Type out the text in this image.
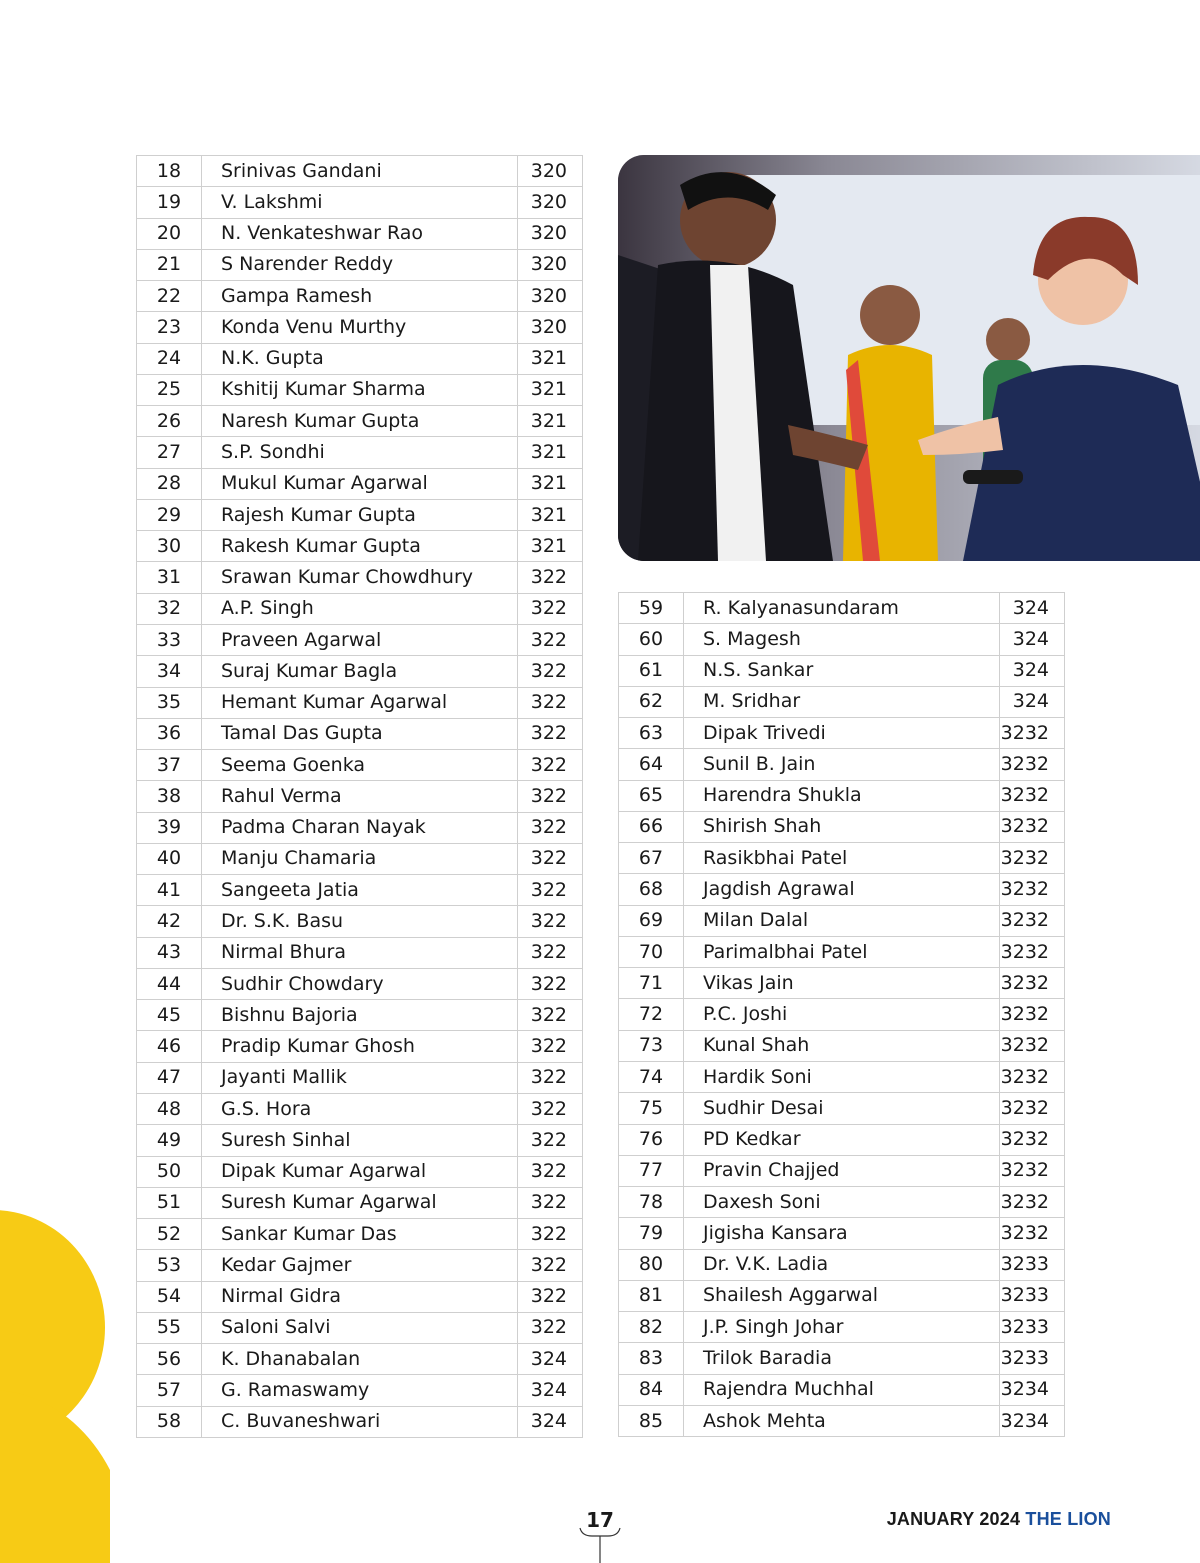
18	Srinivas Gandani	320
19	V. Lakshmi	320
20	N. Venkateshwar Rao	320
21	S Narender Reddy	320
22	Gampa Ramesh	320
23	Konda Venu Murthy	320
24	N.K. Gupta	321
25	Kshitij Kumar Sharma	321
26	Naresh Kumar Gupta	321
27	S.P. Sondhi	321
28	Mukul Kumar Agarwal	321
29	Rajesh Kumar Gupta	321
30	Rakesh Kumar Gupta	321
31	Srawan Kumar Chowdhury	322
32	A.P. Singh	322
33	Praveen Agarwal	322
34	Suraj Kumar Bagla	322
35	Hemant Kumar Agarwal	322
36	Tamal Das Gupta	322
37	Seema Goenka	322
38	Rahul Verma	322
39	Padma Charan Nayak	322
40	Manju Chamaria	322
41	Sangeeta Jatia	322
42	Dr. S.K. Basu	322
43	Nirmal Bhura	322
44	Sudhir Chowdary	322
45	Bishnu Bajoria	322
46	Pradip Kumar Ghosh	322
47	Jayanti Mallik	322
48	G.S. Hora	322
49	Suresh Sinhal	322
50	Dipak Kumar Agarwal	322
51	Suresh Kumar Agarwal	322
52	Sankar Kumar Das	322
53	Kedar Gajmer	322
54	Nirmal Gidra	322
55	Saloni Salvi	322
56	K. Dhanabalan	324
57	G. Ramaswamy	324
58	C. Buvaneshwari	324
59	R. Kalyanasundaram	324
60	S. Magesh	324
61	N.S. Sankar	324
62	M. Sridhar	324
63	Dipak Trivedi	3232
64	Sunil B. Jain	3232
65	Harendra Shukla	3232
66	Shirish Shah	3232
67	Rasikbhai Patel	3232
68	Jagdish Agrawal	3232
69	Milan Dalal	3232
70	Parimalbhai Patel	3232
71	Vikas Jain	3232
72	P.C. Joshi	3232
73	Kunal Shah	3232
74	Hardik Soni	3232
75	Sudhir Desai	3232
76	PD Kedkar	3232
77	Pravin Chajjed	3232
78	Daxesh Soni	3232
79	Jigisha Kansara	3232
80	Dr. V.K. Ladia	3233
81	Shailesh Aggarwal	3233
82	J.P. Singh Johar	3233
83	Trilok Baradia	3233
84	Rajendra Muchhal	3234
85	Ashok Mehta	3234
17	JANUARY 2024 THE LION
